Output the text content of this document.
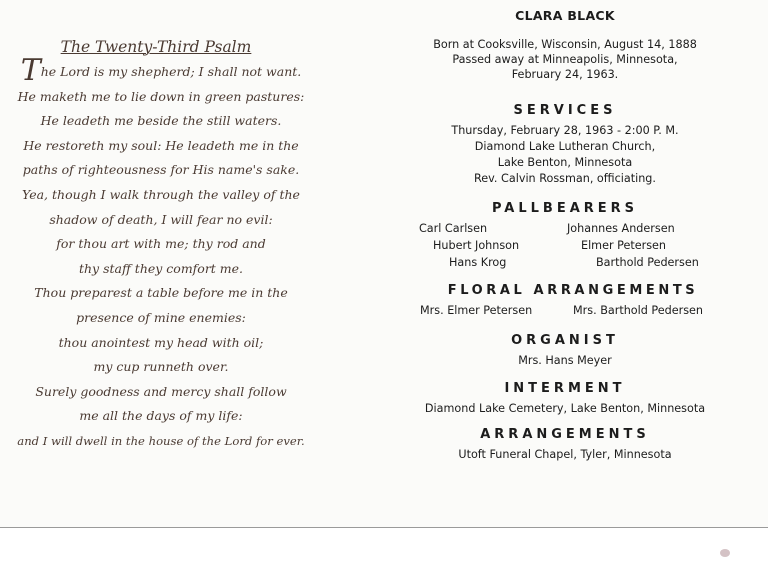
The Twenty-Third Psalm
The Lord is my shepherd; I shall not want.
He maketh me to lie down in green pastures:
He leadeth me beside the still waters.
He restoreth my soul: He leadeth me in the
paths of righteousness for His name's sake.
Yea, though I walk through the valley of the
shadow of death, I will fear no evil:
for thou art with me; thy rod and
thy staff they comfort me.
Thou preparest a table before me in the
presence of mine enemies:
thou anointest my head with oil;
my cup runneth over.
Surely goodness and mercy shall follow
me all the days of my life:
and I will dwell in the house of the Lord for ever.
CLARA BLACK
Born at Cooksville, Wisconsin, August 14, 1888
Passed away at Minneapolis, Minnesota,
February 24, 1963.
SERVICES
Thursday, February 28, 1963 - 2:00 P. M.
Diamond Lake Lutheran Church,
Lake Benton, Minnesota
Rev. Calvin Rossman, officiating.
PALLBEARERS
Carl Carlsen
Hubert Johnson
Hans Krog
Johannes Andersen
Elmer Petersen
Barthold Pedersen
FLORAL ARRANGEMENTS
Mrs. Elmer Petersen	Mrs. Barthold Pedersen
ORGANIST
Mrs. Hans Meyer
INTERMENT
Diamond Lake Cemetery, Lake Benton, Minnesota
ARRANGEMENTS
Utoft Funeral Chapel, Tyler, Minnesota
